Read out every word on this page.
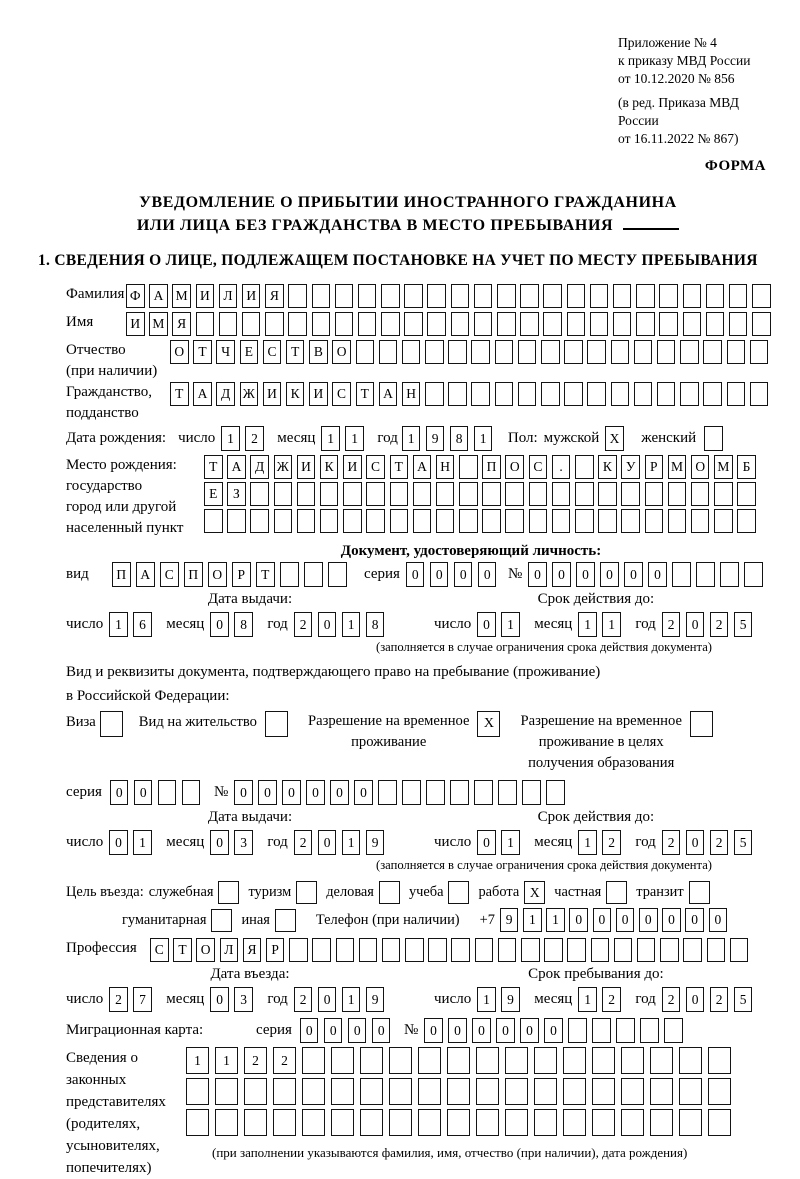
Приложение № 4
к приказу МВД России
от 10.12.2020 № 856
(в ред. Приказа МВД России
от 16.11.2022 № 867)
ФОРМА
УВЕДОМЛЕНИЕ О ПРИБЫТИИ ИНОСТРАННОГО ГРАЖДАНИНА
ИЛИ ЛИЦА БЕЗ ГРАЖДАНСТВА В МЕСТО ПРЕБЫВАНИЯ
1. СВЕДЕНИЯ О ЛИЦЕ, ПОДЛЕЖАЩЕМ ПОСТАНОВКЕ НА УЧЕТ ПО МЕСТУ ПРЕБЫВАНИЯ
Фамилия Ф А М И	Л	И	Я
Имя	И М Я
Отчество
(при наличии)
О	Т	Ч	Е	С	Т	В	О
Гражданство,
подданство
Т	А	Д Ж И	К	И	С	Т	А Н
Дата рождения: число 1	2	месяц 1	1	год 1	9	8	1	Пол: мужской X женский
Место рождения:
государство
город или другой
населенный пункт
Т	А	Д Ж И	К	И	С	Т	А Н	П О	С	.	К	У	Р М О М Б
Е	З
Документ, удостоверяющий личность:
вид	П	А	С	П	О	Р	Т	серия 0	0	0	0	№ 0	0	0	0	0	0
Дата выдачи:
число 1	6	месяц 0	8	год 2	0	1	8
Срок действия до:
число 0	1	месяц 1	1	год 2	0	2	5
(заполняется в случае ограничения срока действия документа)
Вид и реквизиты документа, подтверждающего право на пребывание (проживание)
в Российской Федерации:
Виза	Вид на жительство	Разрешение на временное
проживание
X	Разрешение на временное
проживание в целях
получения образования
серия	0	0	№ 0	0	0	0	0	0
Дата выдачи:
число 0	1	месяц 0	3	год 2	0	1	9
Срок действия до:
число 0	1	месяц 1	2	год 2	0	2	5
(заполняется в случае ограничения срока действия документа)
Цель въезда: служебная туризм деловая учеба работа X	частная транзит
гуманитарная иная	Телефон (при наличии) +7 9	1	1	0	0	0	0	0	0	0
Профессия	С	Т	О	Л	Я	Р
Дата въезда:
число 2	7	месяц 0	3	год 2	0	1	9
Срок пребывания до:
число 1	9	месяц 1	2	год 2	0	2	5
Миграционная карта:	серия	0	0	0	0	№ 0	0	0	0	0	0
Сведения о
законных
представителях
(родителях,
усыновителях,
попечителях)
1	1	2	2
(при заполнении указываются фамилия, имя, отчество (при наличии), дата рождения)
